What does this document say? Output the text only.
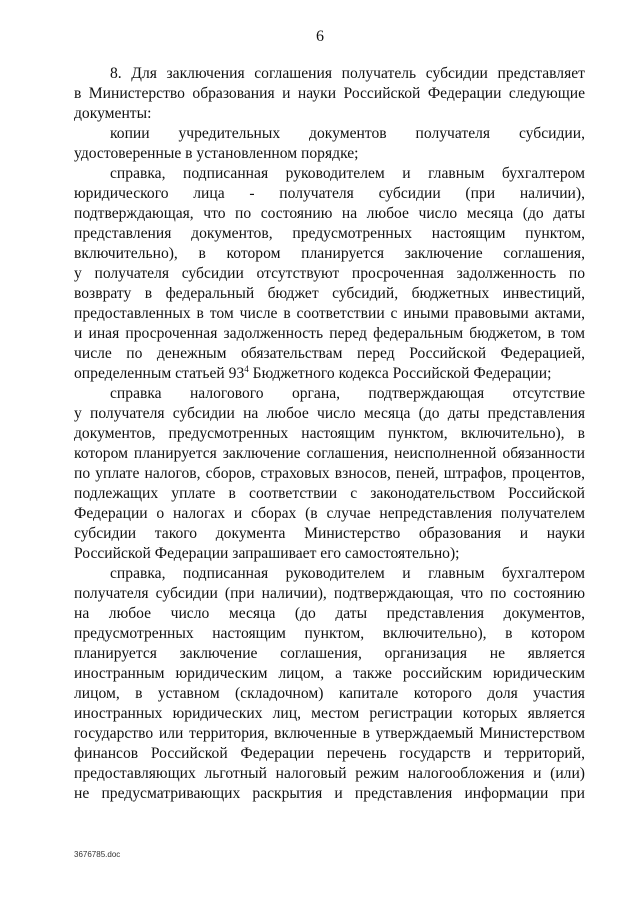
6
8. Для заключения соглашения получатель субсидии представляет
в Министерство образования и науки Российской Федерации следующие
документы:
копии учредительных документов получателя субсидии,
удостоверенные в установленном порядке;
справка, подписанная руководителем и главным бухгалтером
юридического лица - получателя субсидии (при наличии),
подтверждающая, что по состоянию на любое число месяца (до даты
представления документов, предусмотренных настоящим пунктом,
включительно), в котором планируется заключение соглашения,
у получателя субсидии отсутствуют просроченная задолженность по
возврату в федеральный бюджет субсидий, бюджетных инвестиций,
предоставленных в том числе в соответствии с иными правовыми актами,
и иная просроченная задолженность перед федеральным бюджетом, в том
числе по денежным обязательствам перед Российской Федерацией,
определенным статьей $93^4$ Бюджетного кодекса Российской Федерации;
справка налогового органа, подтверждающая отсутствие
у получателя субсидии на любое число месяца (до даты представления
документов, предусмотренных настоящим пунктом, включительно), в
котором планируется заключение соглашения, неисполненной обязанности
по уплате налогов, сборов, страховых взносов, пеней, штрафов, процентов,
подлежащих уплате в соответствии с законодательством Российской
Федерации о налогах и сборах (в случае непредставления получателем
субсидии такого документа Министерство образования и науки
Российской Федерации запрашивает его самостоятельно);
справка, подписанная руководителем и главным бухгалтером
получателя субсидии (при наличии), подтверждающая, что по состоянию
на любое число месяца (до даты представления документов,
предусмотренных настоящим пунктом, включительно), в котором
планируется заключение соглашения, организация не является
иностранным юридическим лицом, а также российским юридическим
лицом, в уставном (складочном) капитале которого доля участия
иностранных юридических лиц, местом регистрации которых является
государство или территория, включенные в утверждаемый Министерством
финансов Российской Федерации перечень государств и территорий,
предоставляющих льготный налоговый режим налогообложения и (или)
не предусматривающих раскрытия и представления информации при
3676785.doc
